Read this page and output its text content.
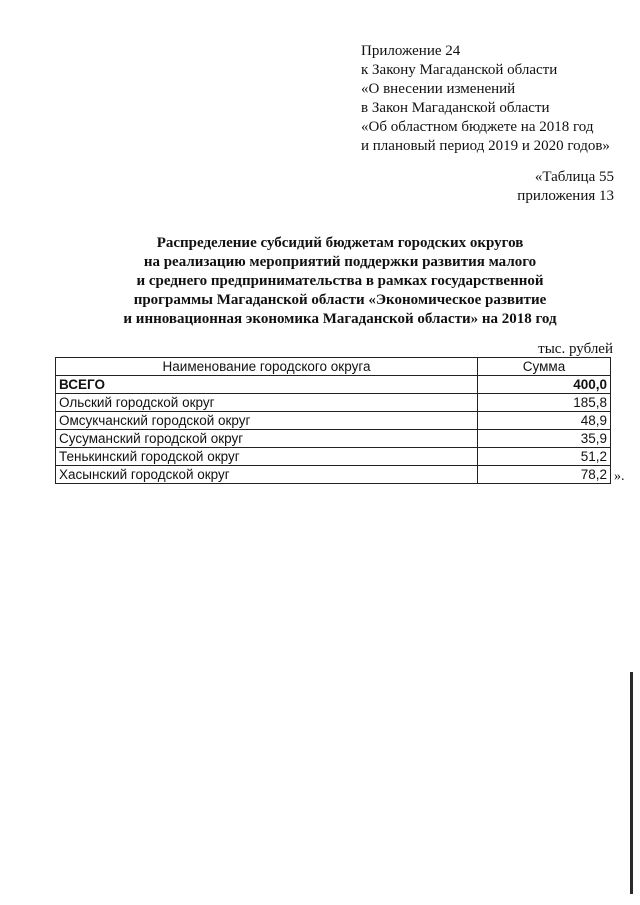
Приложение 24
к Закону Магаданской области
«О внесении изменений
в Закон Магаданской области
«Об областном бюджете на 2018 год
и плановый период 2019 и 2020 годов»
«Таблица 55
приложения 13
Распределение субсидий бюджетам городских округов
на реализацию мероприятий поддержки развития малого
и среднего предпринимательства в рамках государственной
программы Магаданской области «Экономическое развитие
и инновационная экономика Магаданской области» на 2018 год
тыс. рублей
Наименование городского округа	Сумма
ВСЕГО	400,0
Ольский городской округ	185,8
Омсукчанский городской округ	48,9
Сусуманский городской округ	35,9
Тенькинский городской округ	51,2
Хасынский городской округ	78,2 ».
